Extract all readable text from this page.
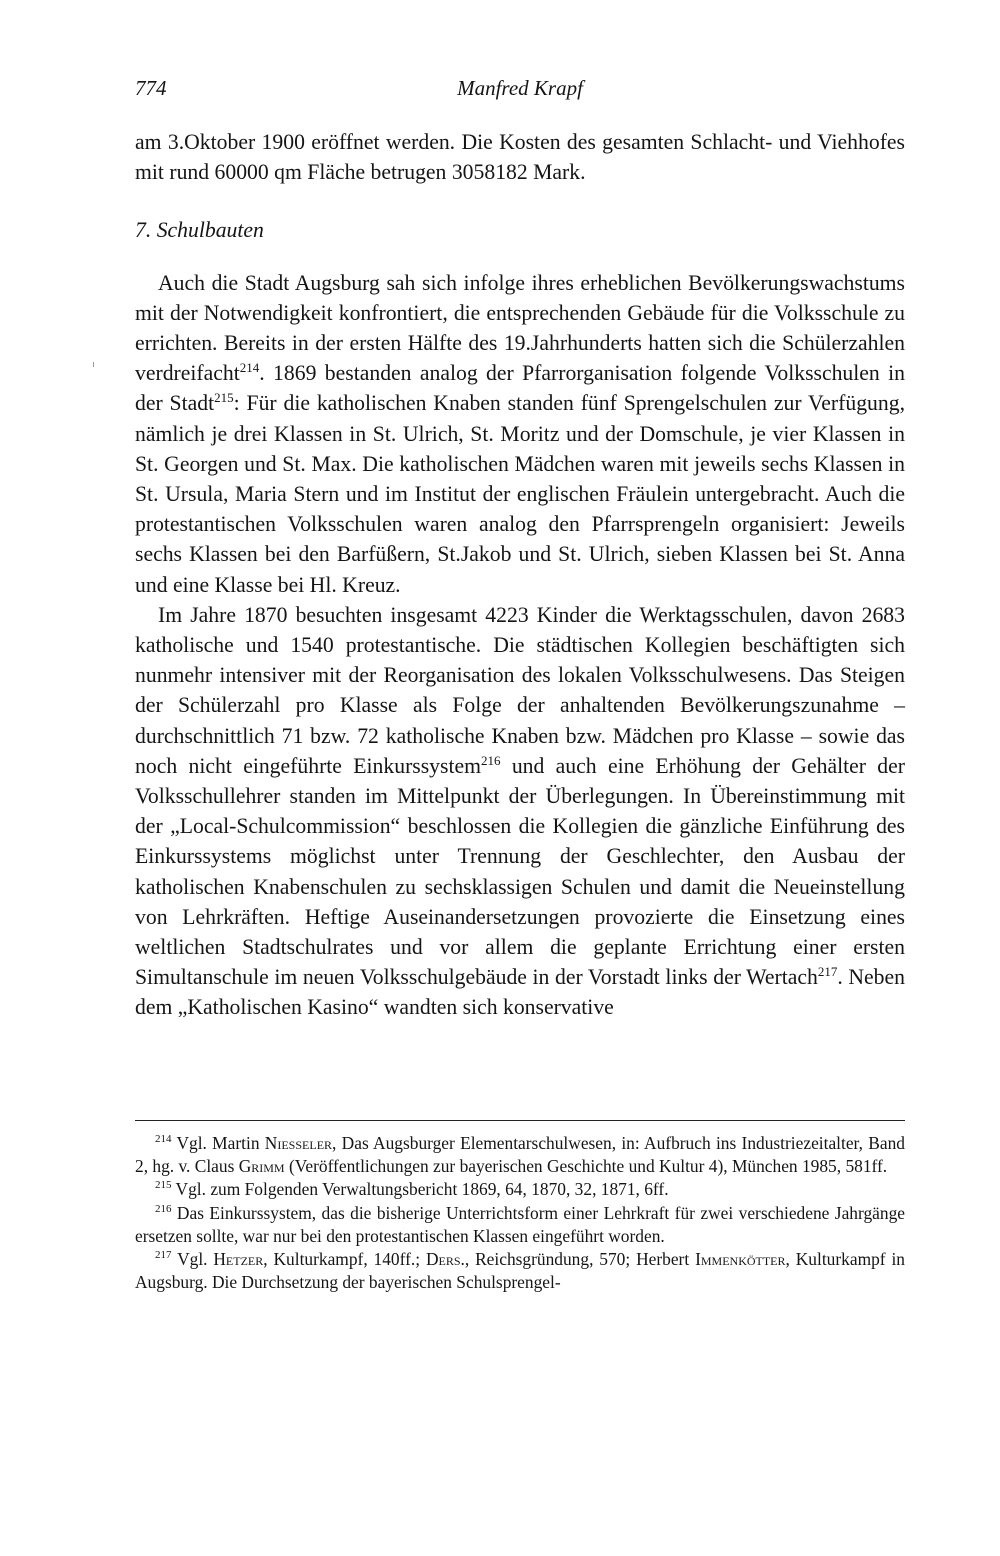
774	Manfred Krapf

am 3.Oktober 1900 eröffnet werden. Die Kosten des gesamten Schlacht- und Viehhofes mit rund 60000 qm Fläche betrugen 3058182 Mark.

7. Schulbauten

Auch die Stadt Augsburg sah sich infolge ihres erheblichen Bevölkerungswachstums mit der Notwendigkeit konfrontiert, die entsprechenden Gebäude für die Volksschule zu errichten. Bereits in der ersten Hälfte des 19.Jahrhunderts hatten sich die Schülerzahlen verdreifacht$^{214}$. 1869 bestanden analog der Pfarrorganisation folgende Volksschulen in der Stadt$^{215}$: Für die katholischen Knaben standen fünf Sprengelschulen zur Verfügung, nämlich je drei Klassen in St. Ulrich, St. Moritz und der Domschule, je vier Klassen in St. Georgen und St. Max. Die katholischen Mädchen waren mit jeweils sechs Klassen in St. Ursula, Maria Stern und im Institut der englischen Fräulein untergebracht. Auch die protestantischen Volksschulen waren analog den Pfarrsprengeln organisiert: Jeweils sechs Klassen bei den Barfüßern, St.Jakob und St. Ulrich, sieben Klassen bei St. Anna und eine Klasse bei Hl. Kreuz.

Im Jahre 1870 besuchten insgesamt 4223 Kinder die Werktagsschulen, davon 2683 katholische und 1540 protestantische. Die städtischen Kollegien beschäftigten sich nunmehr intensiver mit der Reorganisation des lokalen Volksschulwesens. Das Steigen der Schülerzahl pro Klasse als Folge der anhaltenden Bevölkerungszunahme – durchschnittlich 71 bzw. 72 katholische Knaben bzw. Mädchen pro Klasse – sowie das noch nicht eingeführte Einkurssystem$^{216}$ und auch eine Erhöhung der Gehälter der Volksschullehrer standen im Mittelpunkt der Überlegungen. In Übereinstimmung mit der „Local-Schulcommission“ beschlossen die Kollegien die gänzliche Einführung des Einkurssystems möglichst unter Trennung der Geschlechter, den Ausbau der katholischen Knabenschulen zu sechsklassigen Schulen und damit die Neueinstellung von Lehrkräften. Heftige Auseinandersetzungen provozierte die Einsetzung eines weltlichen Stadtschulrates und vor allem die geplante Errichtung einer ersten Simultanschule im neuen Volksschulgebäude in der Vorstadt links der Wertach$^{217}$. Neben dem „Katholischen Kasino“ wandten sich konservative

$^{214}$ Vgl. Martin Niesseler, Das Augsburger Elementarschulwesen, in: Aufbruch ins Industriezeitalter, Band 2, hg. v. Claus Grimm (Veröffentlichungen zur bayerischen Geschichte und Kultur 4), München 1985, 581ff.

$^{215}$ Vgl. zum Folgenden Verwaltungsbericht 1869, 64, 1870, 32, 1871, 6ff.

$^{216}$ Das Einkurssystem, das die bisherige Unterrichtsform einer Lehrkraft für zwei verschiedene Jahrgänge ersetzen sollte, war nur bei den protestantischen Klassen eingeführt worden.

$^{217}$ Vgl. Hetzer, Kulturkampf, 140ff.; Ders., Reichsgründung, 570; Herbert Immenkötter, Kulturkampf in Augsburg. Die Durchsetzung der bayerischen Schulsprengel-
